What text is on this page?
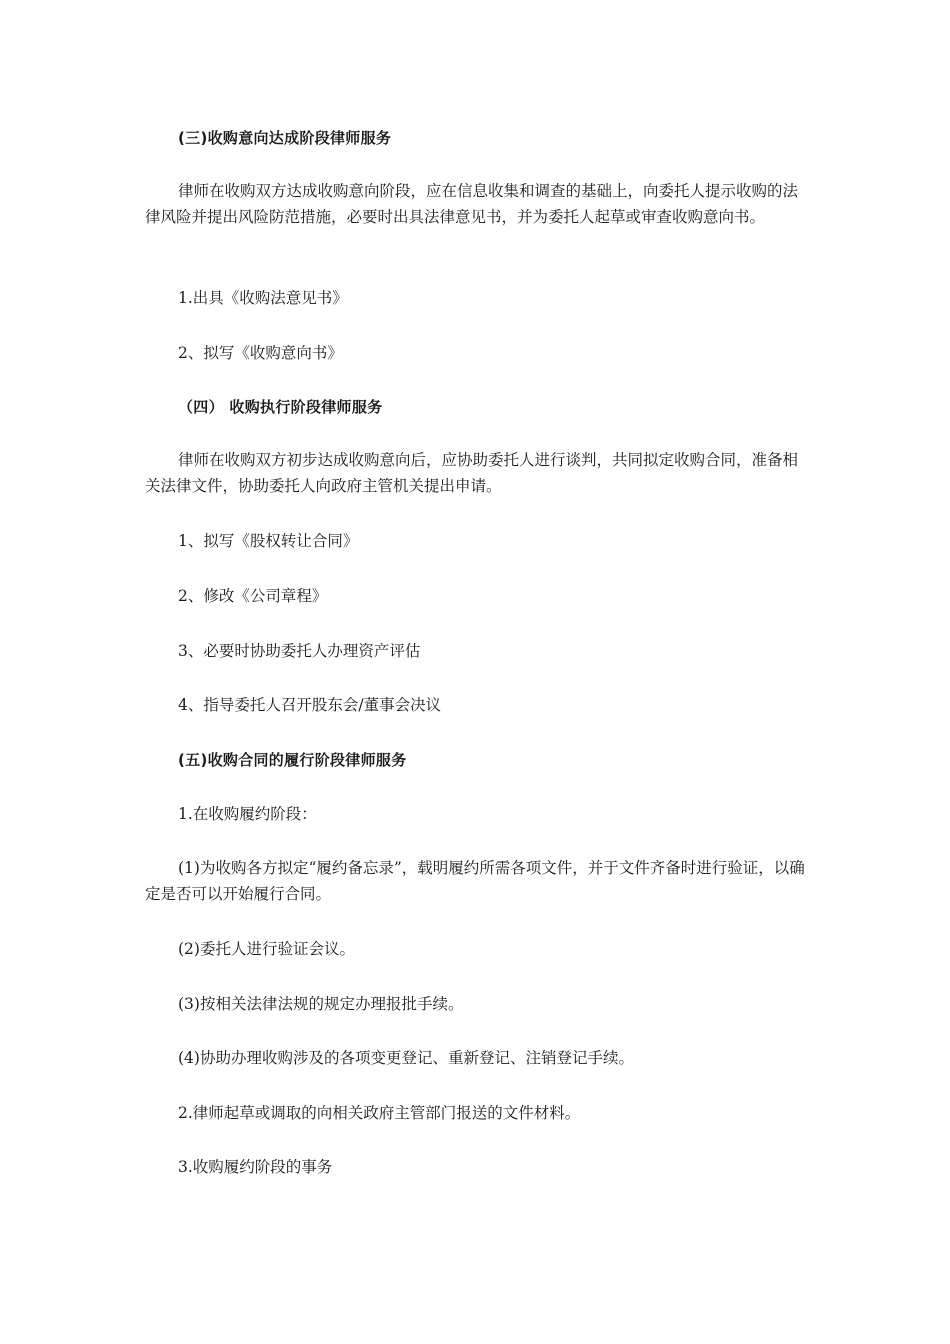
(三)收购意向达成阶段律师服务

律师在收购双方达成收购意向阶段，应在信息收集和调查的基础上，向委托人提示收购的法律风险并提出风险防范措施，必要时出具法律意见书，并为委托人起草或审查收购意向书。

1.出具《收购法意见书》

2、拟写《收购意向书》

（四） 收购执行阶段律师服务

律师在收购双方初步达成收购意向后，应协助委托人进行谈判，共同拟定收购合同，准备相关法律文件，协助委托人向政府主管机关提出申请。

1、拟写《股权转让合同》

2、修改《公司章程》

3、必要时协助委托人办理资产评估

4、指导委托人召开股东会/董事会决议

(五)收购合同的履行阶段律师服务

1.在收购履约阶段：

(1)为收购各方拟定“履约备忘录”，载明履约所需各项文件，并于文件齐备时进行验证，以确定是否可以开始履行合同。

(2)委托人进行验证会议。

(3)按相关法律法规的规定办理报批手续。

(4)协助办理收购涉及的各项变更登记、重新登记、注销登记手续。

2.律师起草或调取的向相关政府主管部门报送的文件材料。

3.收购履约阶段的事务
